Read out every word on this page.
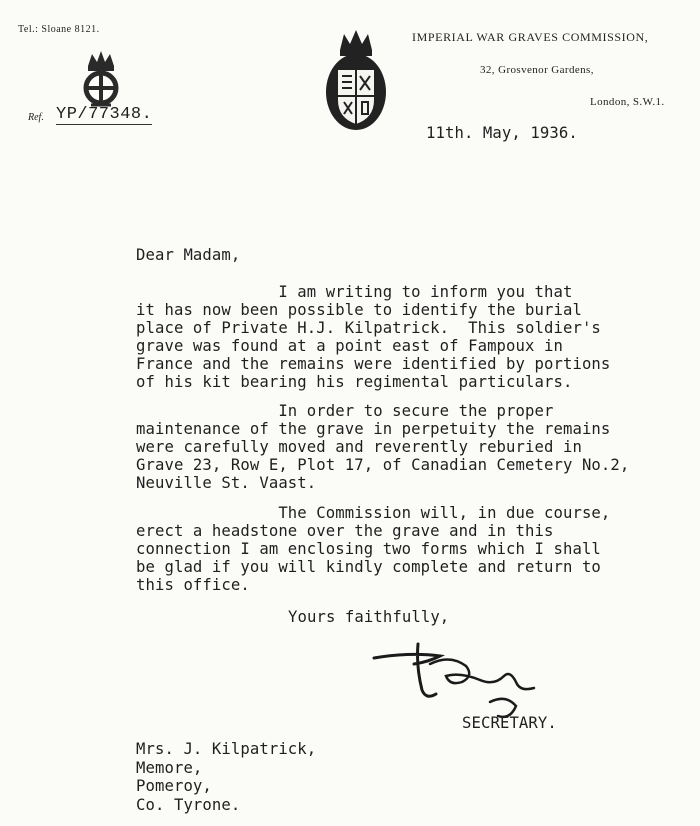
Tel.: Sloane 8121.
Ref. YP/77348.
IMPERIAL WAR GRAVES COMMISSION,
32, Grosvenor Gardens,
London, S.W.1.
11th. May, 1936.
Dear Madam,
I am writing to inform you that
it has now been possible to identify the burial
place of Private H.J. Kilpatrick.  This soldier's
grave was found at a point east of Fampoux in
France and the remains were identified by portions
of his kit bearing his regimental particulars.
In order to secure the proper
maintenance of the grave in perpetuity the remains
were carefully moved and reverently reburied in
Grave 23, Row E, Plot 17, of Canadian Cemetery No.2,
Neuville St. Vaast.
The Commission will, in due course,
erect a headstone over the grave and in this
connection I am enclosing two forms which I shall
be glad if you will kindly complete and return to
this office.
Yours faithfully,
SECRETARY.
Mrs. J. Kilpatrick,
Memore,
Pomeroy,
Co. Tyrone.
